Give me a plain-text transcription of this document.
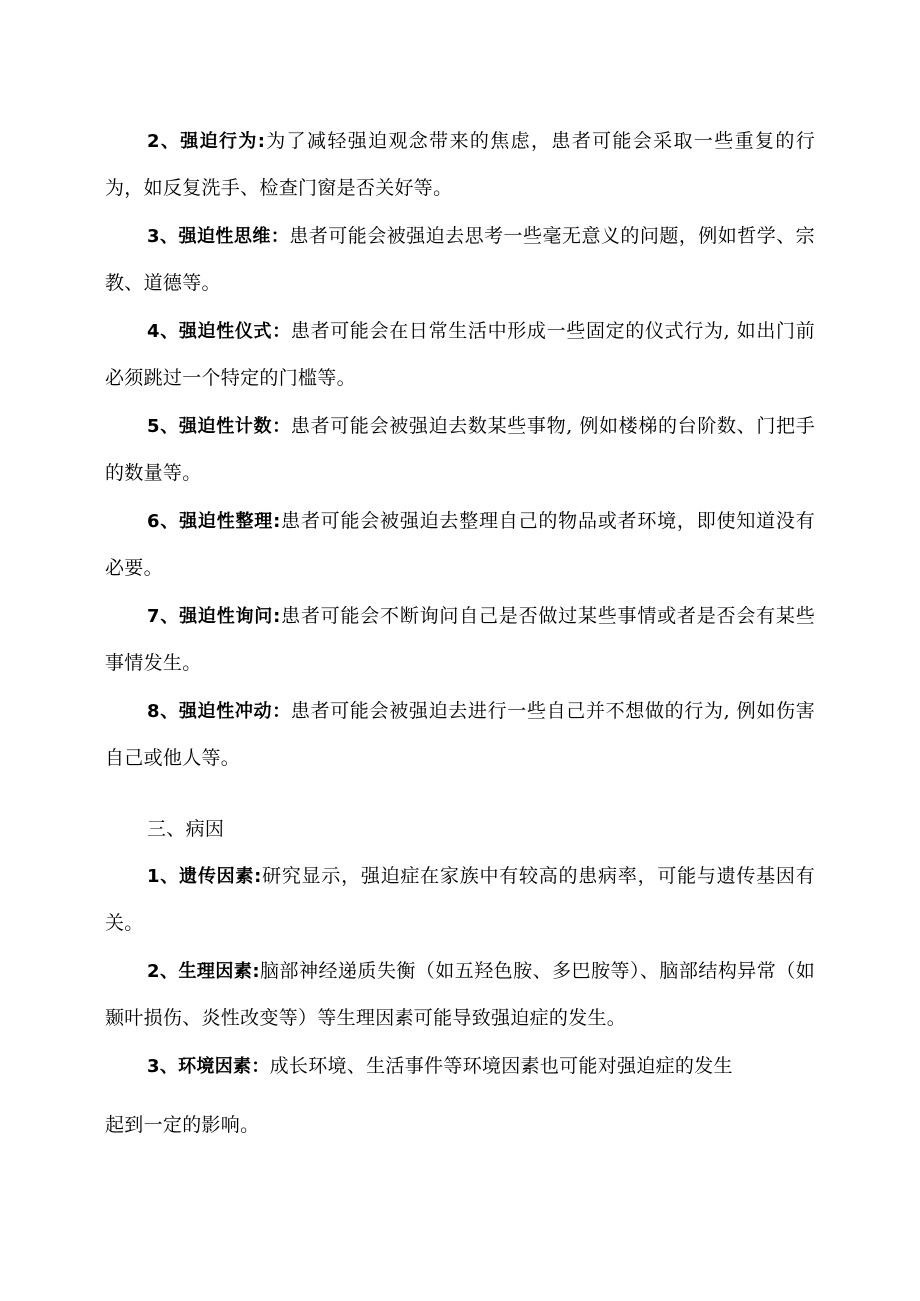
2、强迫行为:为了减轻强迫观念带来的焦虑，患者可能会采取一些重复的行为，如反复洗手、检查门窗是否关好等。

3、强迫性思维：患者可能会被强迫去思考一些毫无意义的问题，例如哲学、宗教、道德等。

4、强迫性仪式：患者可能会在日常生活中形成一些固定的仪式行为, 如出门前必须跳过一个特定的门槛等。

5、强迫性计数：患者可能会被强迫去数某些事物, 例如楼梯的台阶数、门把手的数量等。

6、强迫性整理:患者可能会被强迫去整理自己的物品或者环境，即使知道没有必要。

7、强迫性询问:患者可能会不断询问自己是否做过某些事情或者是否会有某些事情发生。

8、强迫性冲动：患者可能会被强迫去进行一些自己并不想做的行为, 例如伤害自己或他人等。

三、病因

1、遗传因素:研究显示，强迫症在家族中有较高的患病率，可能与遗传基因有关。

2、生理因素:脑部神经递质失衡（如五羟色胺、多巴胺等）、脑部结构异常（如颞叶损伤、炎性改变等）等生理因素可能导致强迫症的发生。

3、环境因素：成长环境、生活事件等环境因素也可能对强迫症的发生

起到一定的影响。
